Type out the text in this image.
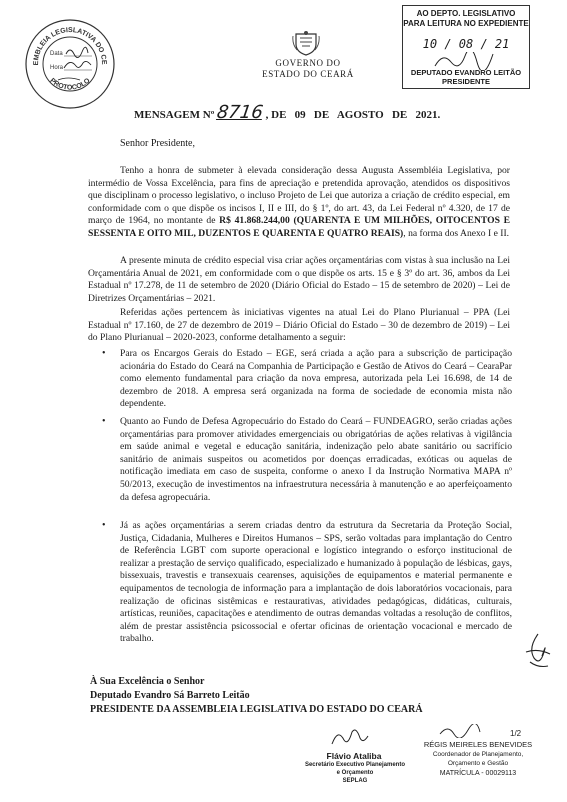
EMBLEIA LEGISLATIVA DO CE
PROTOCOLO
Data
Hora	GOVERNO DO
ESTADO DO CEARÁ
AO DEPTO. LEGISLATIVO
PARA LEITURA NO EXPEDIENTE
10 / 08 / 21
DEPUTADO EVANDRO LEITÃO
PRESIDENTE
MENSAGEM Nº 8716 , DE   09   DE   AGOSTO   DE   2021.
Senhor Presidente,
Tenho a honra de submeter à elevada consideração dessa Augusta Assembléia Legislativa, por intermédio de Vossa Excelência, para fins de apreciação e pretendida aprovação, atendidos os dispositivos que disciplinam o processo legislativo, o incluso Projeto de Lei que autoriza a criação de crédito especial, em conformidade com o que dispõe os incisos I, II e III, do § 1º, do art. 43, da Lei Federal nº 4.320, de 17 de março de 1964, no montante de R$ 41.868.244,00 (QUARENTA E UM MILHÕES, OITOCENTOS E SESSENTA E OITO MIL, DUZENTOS E QUARENTA E QUATRO REAIS), na forma dos Anexo I e II.
A presente minuta de crédito especial visa criar ações orçamentárias com vistas à sua inclusão na Lei Orçamentária Anual de 2021, em conformidade com o que dispõe os arts. 15 e § 3º do art. 36, ambos da Lei Estadual nº 17.278, de 11 de setembro de 2020 (Diário Oficial do Estado – 15 de setembro de 2020) – Lei de Diretrizes Orçamentárias – 2021.
Referidas ações pertencem às iniciativas vigentes na atual Lei do Plano Plurianual – PPA (Lei Estadual nº 17.160, de 27 de dezembro de 2019 – Diário Oficial do Estado – 30 de dezembro de 2019) – Lei do Plano Plurianual – 2020-2023, conforme detalhamento a seguir:
• Para os Encargos Gerais do Estado – EGE, será criada a ação para a subscrição de participação acionária do Estado do Ceará na Companhia de Participação e Gestão de Ativos do Ceará – CearaPar como elemento fundamental para criação da nova empresa, autorizada pela Lei 16.698, de 14 de dezembro de 2018. A empresa será organizada na forma de sociedade de economia mista não dependente.
• Quanto ao Fundo de Defesa Agropecuário do Estado do Ceará – FUNDEAGRO, serão criadas ações orçamentárias para promover atividades emergenciais ou obrigatórias de ações relativas à vigilância em saúde animal e vegetal e educação sanitária, indenização pelo abate sanitário ou sacrifício sanitário de animais suspeitos ou acometidos por doenças erradicadas, exóticas ou aquelas de notificação imediata em caso de suspeita, conforme o anexo I da Instrução Normativa MAPA nº 50/2013, execução de investimentos na infraestrutura necessária à manutenção e ao aperfeiçoamento da defesa agropecuária.
• Já as ações orçamentárias a serem criadas dentro da estrutura da Secretaria da Proteção Social, Justiça, Cidadania, Mulheres e Direitos Humanos – SPS, serão voltadas para implantação do Centro de Referência LGBT com suporte operacional e logístico integrando o esforço institucional de realizar a prestação de serviço qualificado, especializado e humanizado à população de lésbicas, gays, bissexuais, travestis e transexuais cearenses, aquisições de equipamentos e material permanente e equipamentos de tecnologia de informação para a implantação de dois laboratórios vocacionais, para realização de oficinas sistêmicas e restaurativas, atividades pedagógicas, didáticas, culturais, artísticas, reuniões, capacitações e atendimento de outras demandas voltadas a resolução de conflitos, além de prestar assistência psicossocial e ofertar oficinas de orientação vocacional e mercado de trabalho.
À Sua Excelência o Senhor
Deputado Evandro Sá Barreto Leitão
PRESIDENTE DA ASSEMBLEIA LEGISLATIVA DO ESTADO DO CEARÁ
1/2
Flávio Ataliba
Secretário Executivo Planejamento
e Orçamento
SEPLAG
RÉGIS MEIRELES BENEVIDES
Coordenador de Planejamento,
Orçamento e Gestão
MATRÍCULA - 00029113
